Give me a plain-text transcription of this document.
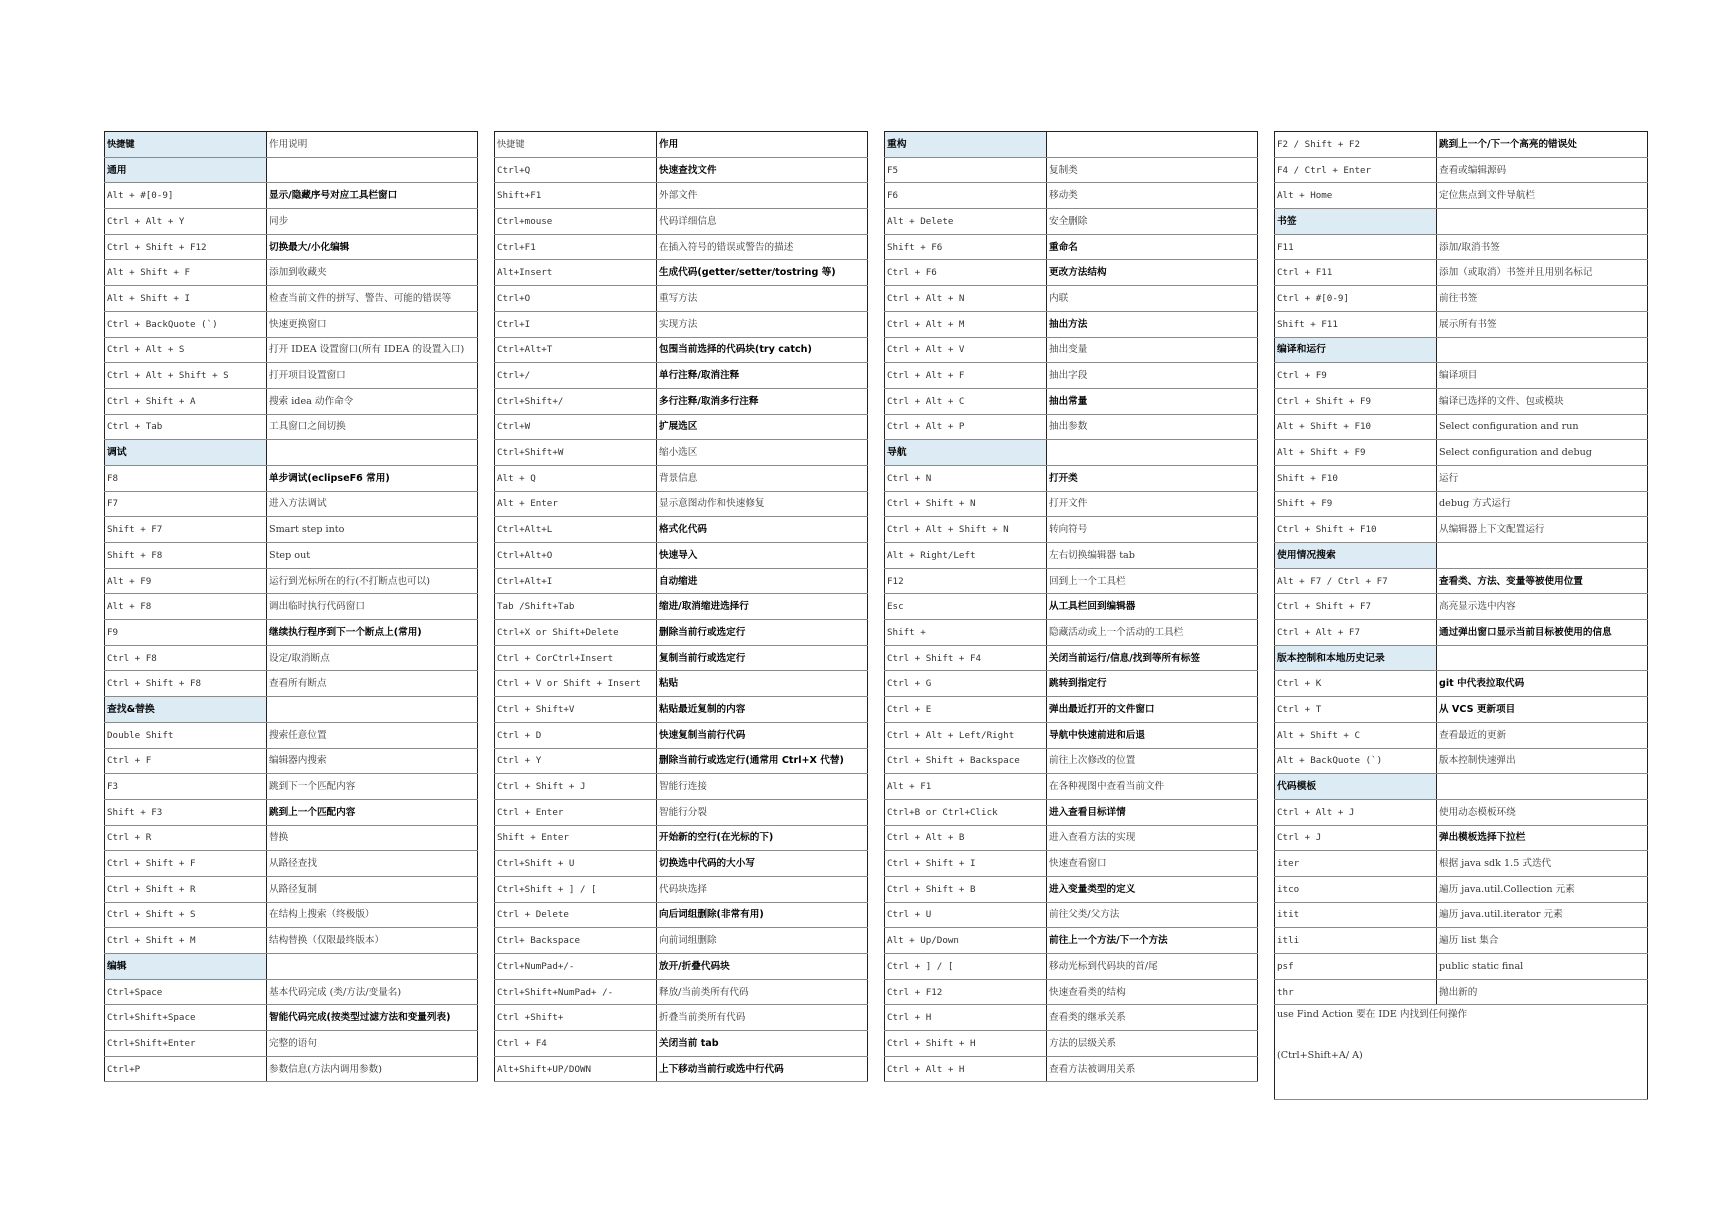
快捷键	作用说明
通用	
Alt + #[0-9]	显示/隐藏序号对应工具栏窗口
Ctrl + Alt + Y	同步
Ctrl + Shift + F12	切换最大/小化编辑
Alt + Shift + F	添加到收藏夹
Alt + Shift + I	检查当前文件的拼写、警告、可能的错误等
Ctrl + BackQuote (`)	快速更换窗口
Ctrl + Alt + S	打开 IDEA 设置窗口(所有 IDEA 的设置入口)
Ctrl + Alt + Shift + S	打开项目设置窗口
Ctrl + Shift + A	搜索 idea 动作命令
Ctrl + Tab	工具窗口之间切换
调试	
F8	单步调试(eclipseF6 常用)
F7	进入方法调试
Shift + F7	Smart step into
Shift + F8	Step out
Alt + F9	运行到光标所在的行(不打断点也可以)
Alt + F8	调出临时执行代码窗口
F9	继续执行程序到下一个断点上(常用)
Ctrl + F8	设定/取消断点
Ctrl + Shift + F8	查看所有断点
查找&替换	
Double Shift	搜索任意位置
Ctrl + F	编辑器内搜索
F3	跳到下一个匹配内容
Shift + F3	跳到上一个匹配内容
Ctrl + R	替换
Ctrl + Shift + F	从路径查找
Ctrl + Shift + R	从路径复制
Ctrl + Shift + S	在结构上搜索（终极版）
Ctrl + Shift + M	结构替换（仅限最终版本）
编辑	
Ctrl+Space	基本代码完成 (类/方法/变量名)
Ctrl+Shift+Space	智能代码完成(按类型过滤方法和变量列表)
Ctrl+Shift+Enter	完整的语句
Ctrl+P	参数信息(方法内调用参数)
快捷键	作用
Ctrl+Q	快速查找文件
Shift+F1	外部文件
Ctrl+mouse	代码详细信息
Ctrl+F1	在插入符号的错误或警告的描述
Alt+Insert	生成代码(getter/setter/tostring 等)
Ctrl+O	重写方法
Ctrl+I	实现方法
Ctrl+Alt+T	包围当前选择的代码块(try catch)
Ctrl+/	单行注释/取消注释
Ctrl+Shift+/	多行注释/取消多行注释
Ctrl+W	扩展选区
Ctrl+Shift+W	缩小选区
Alt + Q	背景信息
Alt + Enter	显示意图动作和快速修复
Ctrl+Alt+L	格式化代码
Ctrl+Alt+O	快速导入
Ctrl+Alt+I	自动缩进
Tab /Shift+Tab	缩进/取消缩进选择行
Ctrl+X or Shift+Delete	删除当前行或选定行
Ctrl + CorCtrl+Insert	复制当前行或选定行
Ctrl + V or Shift + Insert	粘贴
Ctrl + Shift+V	粘贴最近复制的内容
Ctrl + D	快速复制当前行代码
Ctrl + Y	删除当前行或选定行(通常用 Ctrl+X 代替)
Ctrl + Shift + J	智能行连接
Ctrl + Enter	智能行分裂
Shift + Enter	开始新的空行(在光标的下)
Ctrl+Shift + U	切换选中代码的大小写
Ctrl+Shift + ] / [	代码块选择
Ctrl + Delete	向后词组删除(非常有用)
Ctrl+ Backspace	向前词组删除
Ctrl+NumPad+/-	放开/折叠代码块
Ctrl+Shift+NumPad+ /-	释放/当前类所有代码
Ctrl +Shift+	折叠当前类所有代码
Ctrl + F4	关闭当前 tab
Alt+Shift+UP/DOWN	上下移动当前行或选中行代码
重构	
F5	复制类
F6	移动类
Alt + Delete	安全删除
Shift + F6	重命名
Ctrl + F6	更改方法结构
Ctrl + Alt + N	内联
Ctrl + Alt + M	抽出方法
Ctrl + Alt + V	抽出变量
Ctrl + Alt + F	抽出字段
Ctrl + Alt + C	抽出常量
Ctrl + Alt + P	抽出参数
导航	
Ctrl + N	打开类
Ctrl + Shift + N	打开文件
Ctrl + Alt + Shift + N	转向符号
Alt + Right/Left	左右切换编辑器 tab
F12	回到上一个工具栏
Esc	从工具栏回到编辑器
Shift +	隐藏活动或上一个活动的工具栏
Ctrl + Shift + F4	关闭当前运行/信息/找到等所有标签
Ctrl + G	跳转到指定行
Ctrl + E	弹出最近打开的文件窗口
Ctrl + Alt + Left/Right	导航中快速前进和后退
Ctrl + Shift + Backspace	前往上次修改的位置
Alt + F1	在各种视图中查看当前文件
Ctrl+B or Ctrl+Click	进入查看目标详情
Ctrl + Alt + B	进入查看方法的实现
Ctrl + Shift + I	快速查看窗口
Ctrl + Shift + B	进入变量类型的定义
Ctrl + U	前往父类/父方法
Alt + Up/Down	前往上一个方法/下一个方法
Ctrl + ] / [	移动光标到代码块的首/尾
Ctrl + F12	快速查看类的结构
Ctrl + H	查看类的继承关系
Ctrl + Shift + H	方法的层级关系
Ctrl + Alt + H	查看方法被调用关系
F2 / Shift + F2	跳到上一个/下一个高亮的错误处
F4 / Ctrl + Enter	查看或编辑源码
Alt + Home	定位焦点到文件导航栏
书签	
F11	添加/取消书签
Ctrl + F11	添加（或取消）书签并且用别名标记
Ctrl + #[0-9]	前往书签
Shift + F11	展示所有书签
编译和运行	
Ctrl + F9	编译项目
Ctrl + Shift + F9	编译已选择的文件、包或模块
Alt + Shift + F10	Select configuration and run
Alt + Shift + F9	Select configuration and debug
Shift + F10	运行
Shift + F9	debug 方式运行
Ctrl + Shift + F10	从编辑器上下文配置运行
使用情况搜索	
Alt + F7 / Ctrl + F7	查看类、方法、变量等被使用位置
Ctrl + Shift + F7	高亮显示选中内容
Ctrl + Alt + F7	通过弹出窗口显示当前目标被使用的信息
版本控制和本地历史记录	
Ctrl + K	git 中代表拉取代码
Ctrl + T	从 VCS 更新项目
Alt + Shift + C	查看最近的更新
Alt + BackQuote (`)	版本控制快速弹出
代码模板	
Ctrl + Alt + J	使用动态模板环绕
Ctrl + J	弹出模板选择下拉栏
iter	根据 java sdk 1.5 式迭代
itco	遍历 java.util.Collection 元素
itit	遍历 java.util.iterator 元素
itli	遍历 list 集合
psf	public static final
thr	抛出新的

use Find Action 要在 IDE 内找到任何操作
(Ctrl+Shift+A/ A)	
